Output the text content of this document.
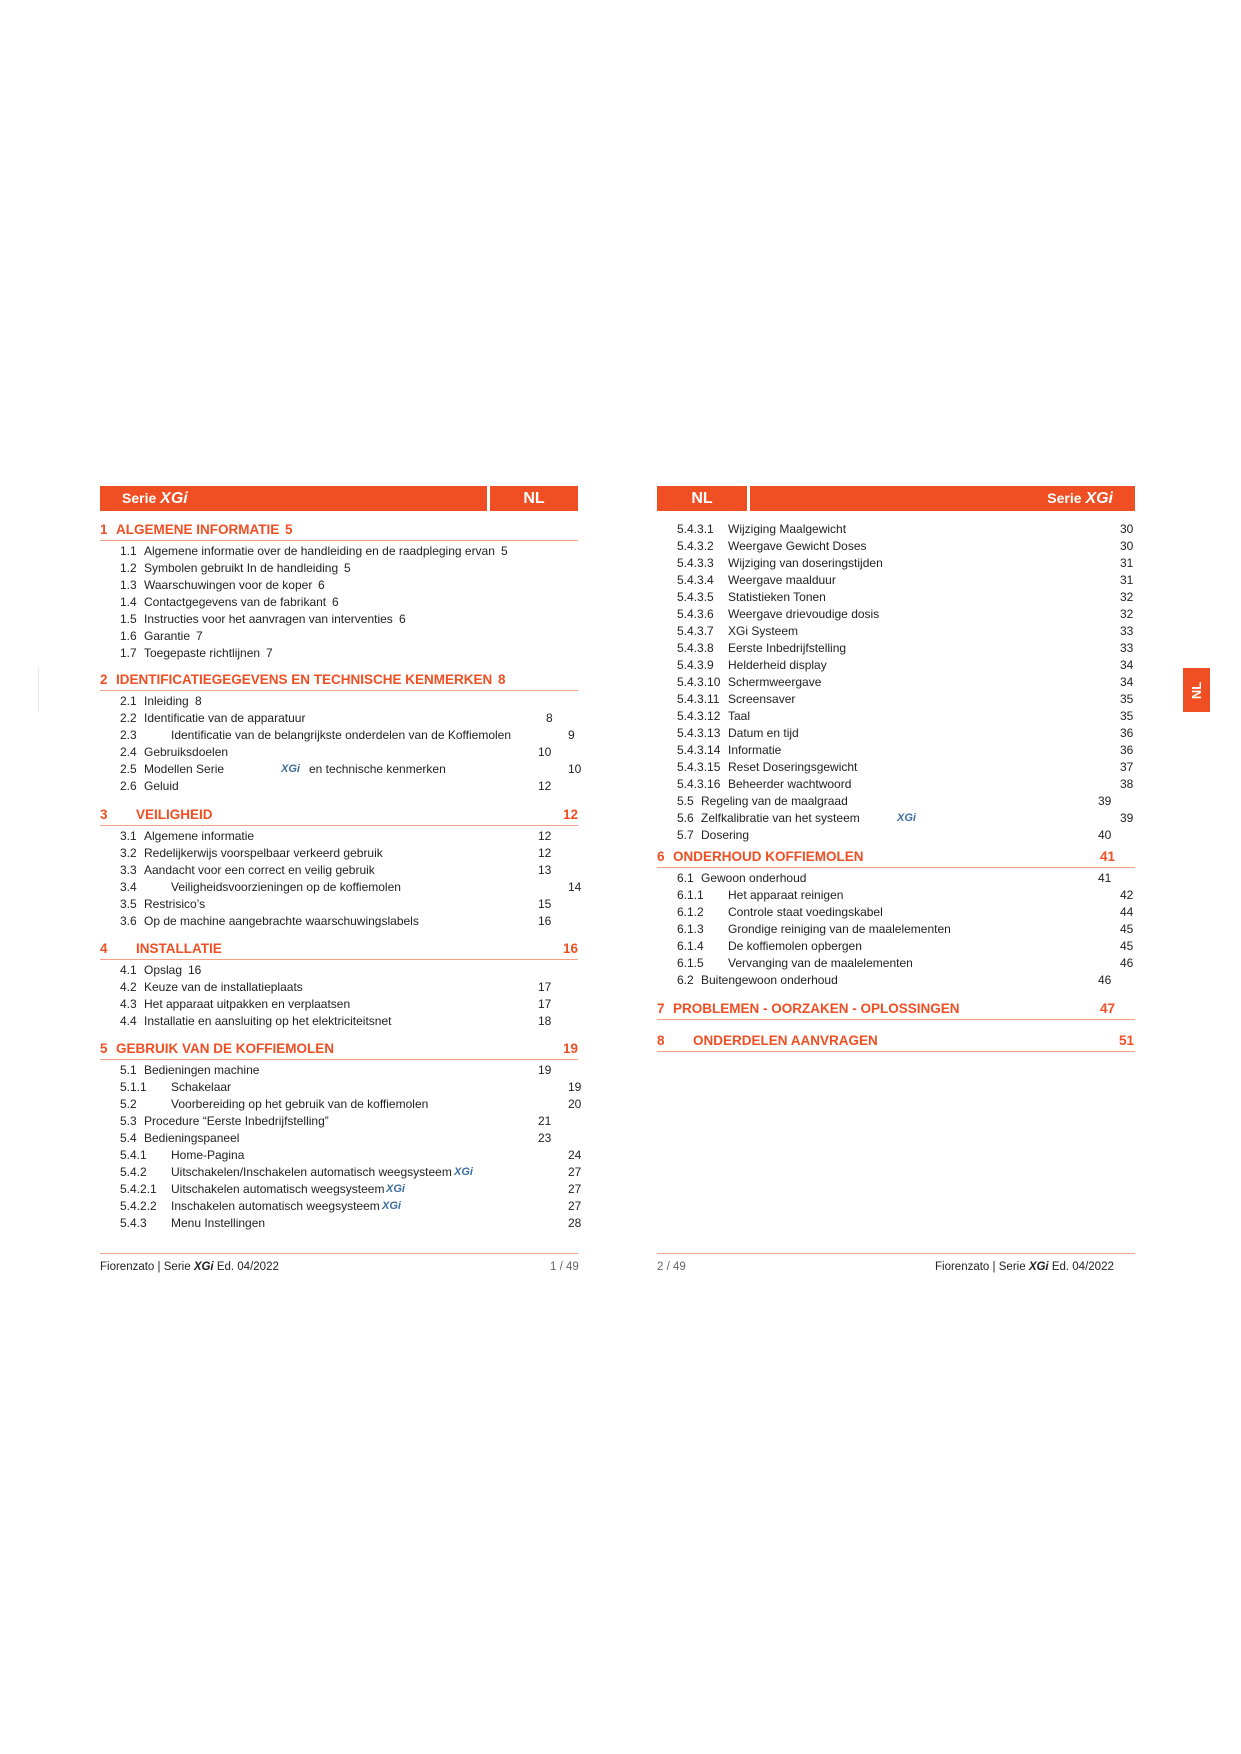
Serie XGi	NL	NL	Serie XGi
NL
1 ALGEMENE INFORMATIE 5
1.1 Algemene informatie over de handleiding en de raadpleging ervan 5
1.2 Symbolen gebruikt In de handleiding 5
1.3 Waarschuwingen voor de koper 6
1.4 Contactgegevens van de fabrikant 6
1.5 Instructies voor het aanvragen van interventies 6
1.6 Garantie 7
1.7 Toegepaste richtlijnen 7
2 IDENTIFICATIEGEGEVENS EN TECHNISCHE KENMERKEN 8
2.1 Inleiding 8
2.2 Identificatie van de apparatuur	8
2.3	Identificatie van de belangrijkste onderdelen van de Koffiemolen	9
2.4 Gebruiksdoelen	10
2.5 Modellen Serie	XGi en technische kenmerken	10
2.6 Geluid	12
3 VEILIGHEID	12
3.1 Algemene informatie	12
3.2 Redelijkerwijs voorspelbaar verkeerd gebruik	12
3.3 Aandacht voor een correct en veilig gebruik	13
3.4	Veiligheidsvoorzieningen op de koffiemolen	14
3.5 Restrisico’s	15
3.6 Op de machine aangebrachte waarschuwingslabels	16
4 INSTALLATIE	16
4.1 Opslag 16
4.2 Keuze van de installatieplaats	17
4.3 Het apparaat uitpakken en verplaatsen	17
4.4 Installatie en aansluiting op het elektriciteitsnet	18
5 GEBRUIK VAN DE KOFFIEMOLEN	19
5.1 Bedieningen machine	19
5.1.1 Schakelaar	19
5.2	Voorbereiding op het gebruik van de koffiemolen	20
5.3 Procedure “Eerste Inbedrijfstelling”	21
5.4 Bedieningspaneel	23
5.4.1 Home-Pagina	24
5.4.2 Uitschakelen/Inschakelen automatisch weegsysteem	27
XGi
5.4.2.1 Uitschakelen automatisch weegsysteem	27
XGi
5.4.2.2 Inschakelen automatisch weegsysteem	27
XGi
5.4.3 Menu Instellingen	28
5.4.3.1 Wijziging Maalgewicht	30
5.4.3.2 Weergave Gewicht Doses	30
5.4.3.3 Wijziging van doseringstijden	31
5.4.3.4 Weergave maalduur	31
5.4.3.5 Statistieken Tonen	32
5.4.3.6 Weergave drievoudige dosis	32
5.4.3.7 XGi Systeem	33
5.4.3.8 Eerste Inbedrijfstelling	33
5.4.3.9 Helderheid display	34
5.4.3.10 Schermweergave	34
5.4.3.11 Screensaver	35
5.4.3.12 Taal	35
5.4.3.13 Datum en tijd	36
5.4.3.14 Informatie	36
5.4.3.15 Reset Doseringsgewicht	37
5.4.3.16 Beheerder wachtwoord	38
5.5 Regeling van de maalgraad	39
5.6 Zelfkalibratie van het systeem	39
XGi
5.7 Dosering	40
6 ONDERHOUD KOFFIEMOLEN	41
6.1 Gewoon onderhoud	41
6.1.1 Het apparaat reinigen	42
6.1.2 Controle staat voedingskabel	44
6.1.3 Grondige reiniging van de maalelementen	45
6.1.4 De koffiemolen opbergen	45
6.1.5 Vervanging van de maalelementen	46
6.2 Buitengewoon onderhoud	46
7 PROBLEMEN - OORZAKEN - OPLOSSINGEN	47
8 ONDERDELEN AANVRAGEN	51
Fiorenzato | Serie XGi Ed. 04/2022	1 / 49	2 / 49	Fiorenzato | Serie XGi Ed. 04/2022
